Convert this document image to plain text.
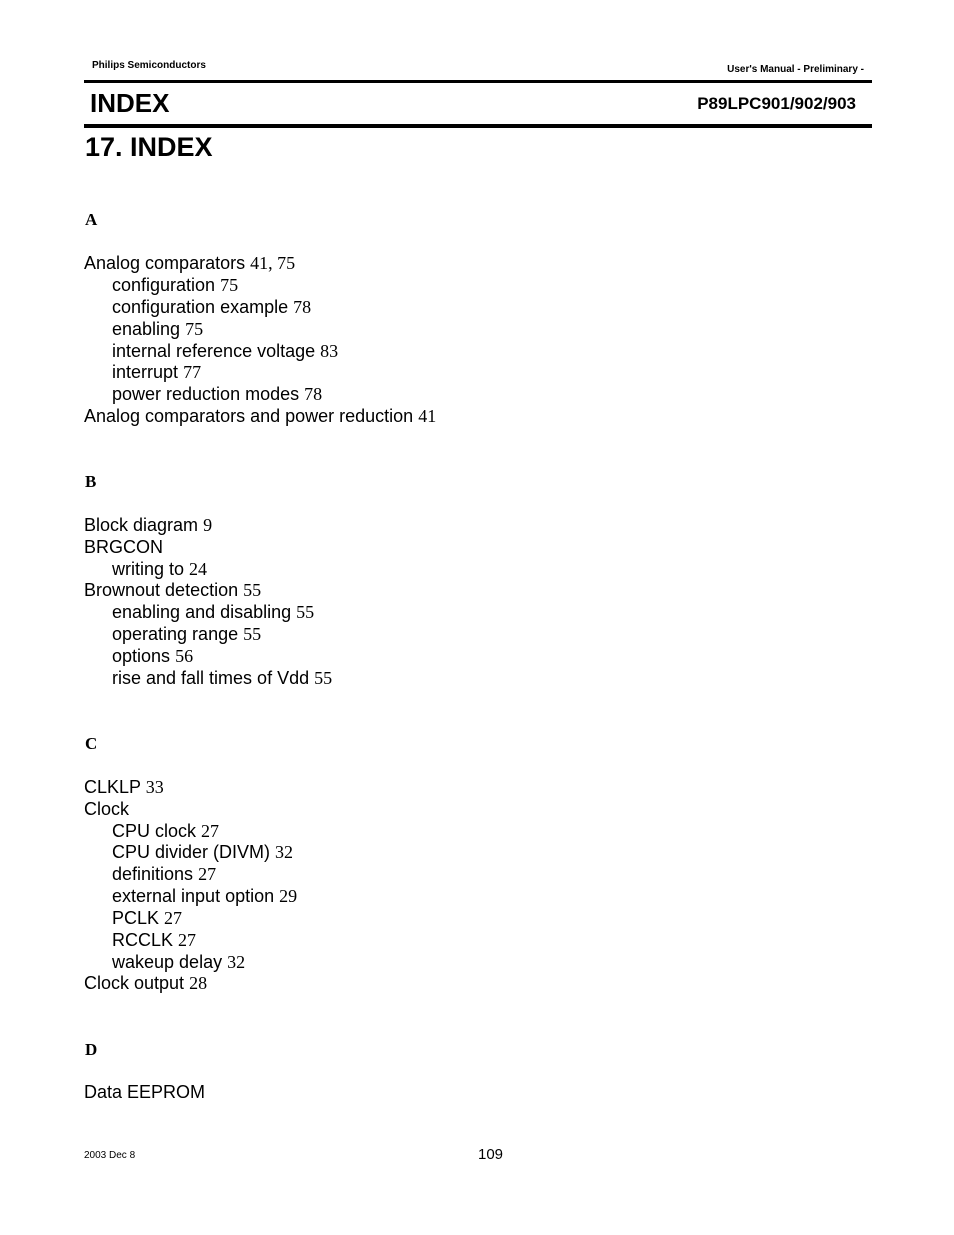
Philips Semiconductors	User's Manual - Preliminary -
INDEX	P89LPC901/902/903
17. INDEX
A
Analog comparators 41, 75
configuration 75
configuration example 78
enabling 75
internal reference voltage 83
interrupt 77
power reduction modes 78
Analog comparators and power reduction 41
B
Block diagram 9
BRGCON
writing to 24
Brownout detection 55
enabling and disabling 55
operating range 55
options 56
rise and fall times of Vdd 55
C
CLKLP 33
Clock
CPU clock 27
CPU divider (DIVM) 32
definitions 27
external input option 29
PCLK 27
RCCLK 27
wakeup delay 32
Clock output 28
D
Data EEPROM
2003 Dec 8	109
